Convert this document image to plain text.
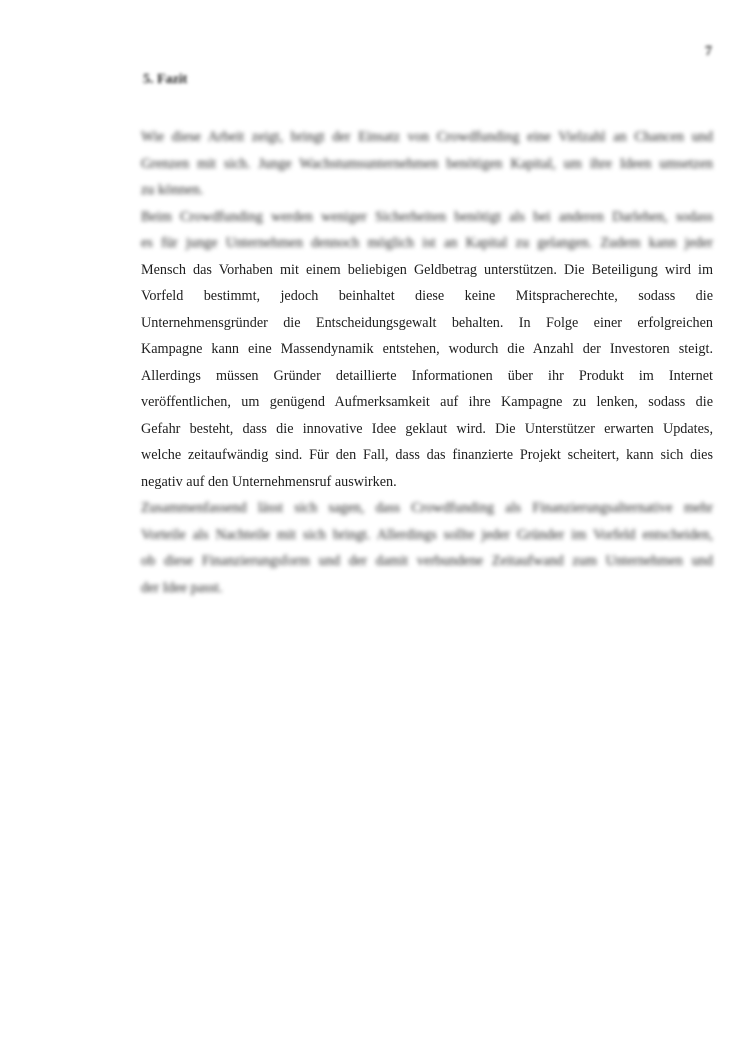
7
5. Fazit
Wie diese Arbeit zeigt, bringt der Einsatz von Crowdfunding eine Vielzahl an Chancen und
Grenzen mit sich. Junge Wachstumsunternehmen benötigen Kapital, um ihre Ideen umsetzen
zu können.
Beim Crowdfunding werden weniger Sicherheiten benötigt als bei anderen Darlehen, sodass
es für junge Unternehmen dennoch möglich ist an Kapital zu gelangen. Zudem kann jeder
Mensch das Vorhaben mit einem beliebigen Geldbetrag unterstützen. Die Beteiligung wird im
Vorfeld bestimmt, jedoch beinhaltet diese keine Mitspracherechte, sodass die
Unternehmensgründer die Entscheidungsgewalt behalten. In Folge einer erfolgreichen
Kampagne kann eine Massendynamik entstehen, wodurch die Anzahl der Investoren steigt.
Allerdings müssen Gründer detaillierte Informationen über ihr Produkt im Internet
veröffentlichen, um genügend Aufmerksamkeit auf ihre Kampagne zu lenken, sodass die
Gefahr besteht, dass die innovative Idee geklaut wird. Die Unterstützer erwarten Updates,
welche zeitaufwändig sind. Für den Fall, dass das finanzierte Projekt scheitert, kann sich dies
negativ auf den Unternehmensruf auswirken.
Zusammenfassend lässt sich sagen, dass Crowdfunding als Finanzierungsalternative mehr
Vorteile als Nachteile mit sich bringt. Allerdings sollte jeder Gründer im Vorfeld entscheiden,
ob diese Finanzierungsform und der damit verbundene Zeitaufwand zum Unternehmen und
der Idee passt.
